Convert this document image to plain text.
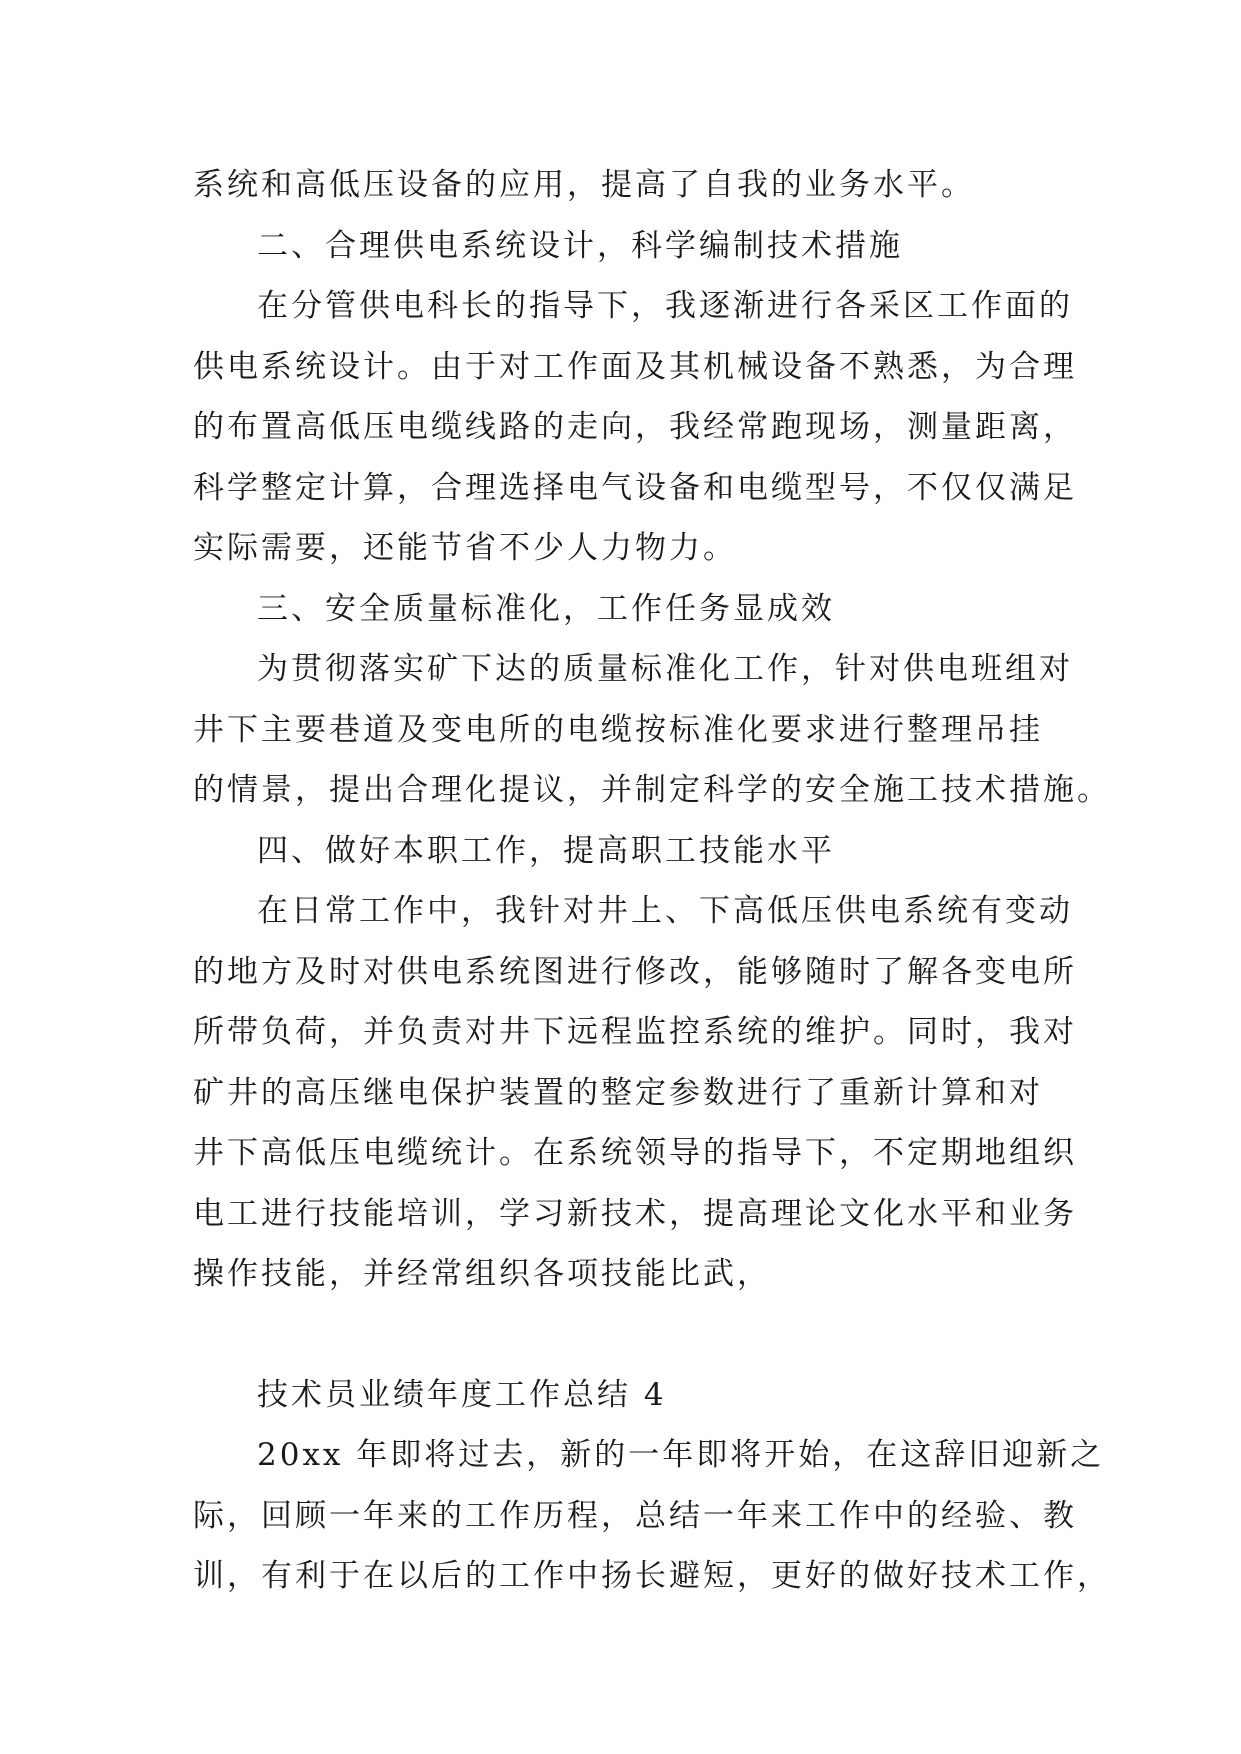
系统和高低压设备的应用，提高了自我的业务水平。
二、合理供电系统设计，科学编制技术措施
在分管供电科长的指导下，我逐渐进行各采区工作面的
供电系统设计。由于对工作面及其机械设备不熟悉，为合理
的布置高低压电缆线路的走向，我经常跑现场，测量距离，
科学整定计算，合理选择电气设备和电缆型号，不仅仅满足
实际需要，还能节省不少人力物力。
三、安全质量标准化，工作任务显成效
为贯彻落实矿下达的质量标准化工作，针对供电班组对
井下主要巷道及变电所的电缆按标准化要求进行整理吊挂
的情景，提出合理化提议，并制定科学的安全施工技术措施。
四、做好本职工作，提高职工技能水平
在日常工作中，我针对井上、下高低压供电系统有变动
的地方及时对供电系统图进行修改，能够随时了解各变电所
所带负荷，并负责对井下远程监控系统的维护。同时，我对
矿井的高压继电保护装置的整定参数进行了重新计算和对
井下高低压电缆统计。在系统领导的指导下，不定期地组织
电工进行技能培训，学习新技术，提高理论文化水平和业务
操作技能，并经常组织各项技能比武，
技术员业绩年度工作总结 4
20xx 年即将过去，新的一年即将开始，在这辞旧迎新之
际，回顾一年来的工作历程，总结一年来工作中的经验、教
训，有利于在以后的工作中扬长避短，更好的做好技术工作，
